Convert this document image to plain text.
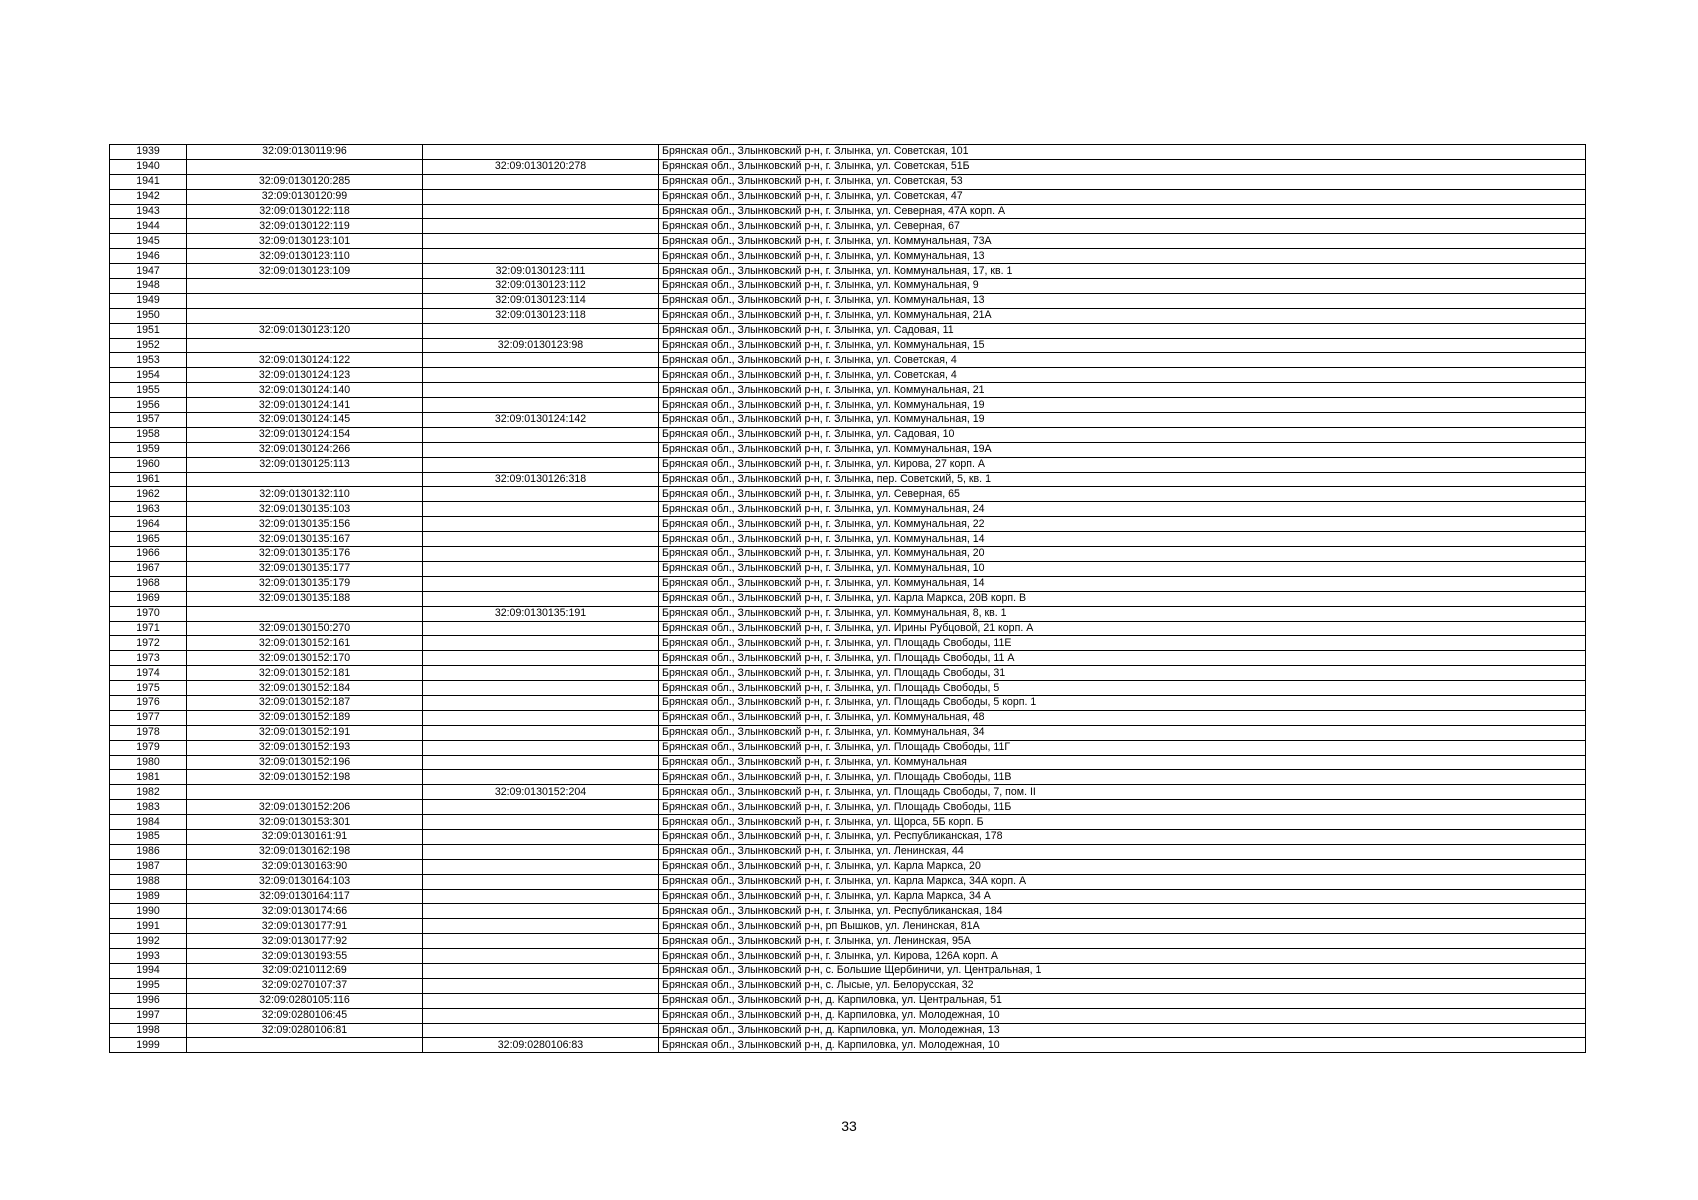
1939	32:09:0130119:96		Брянская обл., Злынковский р-н, г. Злынка, ул. Советская, 101
1940		32:09:0130120:278	Брянская обл., Злынковский р-н, г. Злынка, ул. Советская, 51Б
1941	32:09:0130120:285		Брянская обл., Злынковский р-н, г. Злынка, ул. Советская, 53
1942	32:09:0130120:99		Брянская обл., Злынковский р-н, г. Злынка, ул. Советская, 47
1943	32:09:0130122:118		Брянская обл., Злынковский р-н, г. Злынка, ул. Северная, 47А корп. А
1944	32:09:0130122:119		Брянская обл., Злынковский р-н, г. Злынка, ул. Северная, 67
1945	32:09:0130123:101		Брянская обл., Злынковский р-н, г. Злынка, ул. Коммунальная, 73А
1946	32:09:0130123:110		Брянская обл., Злынковский р-н, г. Злынка, ул. Коммунальная, 13
1947	32:09:0130123:109	32:09:0130123:111	Брянская обл., Злынковский р-н, г. Злынка, ул. Коммунальная, 17, кв. 1
1948		32:09:0130123:112	Брянская обл., Злынковский р-н, г. Злынка, ул. Коммунальная, 9
1949		32:09:0130123:114	Брянская обл., Злынковский р-н, г. Злынка, ул. Коммунальная, 13
1950		32:09:0130123:118	Брянская обл., Злынковский р-н, г. Злынка, ул. Коммунальная, 21А
1951	32:09:0130123:120		Брянская обл., Злынковский р-н, г. Злынка, ул. Садовая, 11
1952		32:09:0130123:98	Брянская обл., Злынковский р-н, г. Злынка, ул. Коммунальная, 15
1953	32:09:0130124:122		Брянская обл., Злынковский р-н, г. Злынка, ул. Советская, 4
1954	32:09:0130124:123		Брянская обл., Злынковский р-н, г. Злынка, ул. Советская, 4
1955	32:09:0130124:140		Брянская обл., Злынковский р-н, г. Злынка, ул. Коммунальная, 21
1956	32:09:0130124:141		Брянская обл., Злынковский р-н, г. Злынка, ул. Коммунальная, 19
1957	32:09:0130124:145	32:09:0130124:142	Брянская обл., Злынковский р-н, г. Злынка, ул. Коммунальная, 19
1958	32:09:0130124:154		Брянская обл., Злынковский р-н, г. Злынка, ул. Садовая, 10
1959	32:09:0130124:266		Брянская обл., Злынковский р-н, г. Злынка, ул. Коммунальная, 19А
1960	32:09:0130125:113		Брянская обл., Злынковский р-н, г. Злынка, ул. Кирова, 27 корп. А
1961		32:09:0130126:318	Брянская обл., Злынковский р-н, г. Злынка, пер. Советский, 5, кв. 1
1962	32:09:0130132:110		Брянская обл., Злынковский р-н, г. Злынка, ул. Северная, 65
1963	32:09:0130135:103		Брянская обл., Злынковский р-н, г. Злынка, ул. Коммунальная, 24
1964	32:09:0130135:156		Брянская обл., Злынковский р-н, г. Злынка, ул. Коммунальная, 22
1965	32:09:0130135:167		Брянская обл., Злынковский р-н, г. Злынка, ул. Коммунальная, 14
1966	32:09:0130135:176		Брянская обл., Злынковский р-н, г. Злынка, ул. Коммунальная, 20
1967	32:09:0130135:177		Брянская обл., Злынковский р-н, г. Злынка, ул. Коммунальная, 10
1968	32:09:0130135:179		Брянская обл., Злынковский р-н, г. Злынка, ул. Коммунальная, 14
1969	32:09:0130135:188		Брянская обл., Злынковский р-н, г. Злынка, ул. Карла Маркса, 20В корп. В
1970		32:09:0130135:191	Брянская обл., Злынковский р-н, г. Злынка, ул. Коммунальная, 8, кв. 1
1971	32:09:0130150:270		Брянская обл., Злынковский р-н, г. Злынка, ул. Ирины Рубцовой, 21 корп. А
1972	32:09:0130152:161		Брянская обл., Злынковский р-н, г. Злынка, ул. Площадь Свободы, 11Е
1973	32:09:0130152:170		Брянская обл., Злынковский р-н, г. Злынка, ул. Площадь Свободы, 11 А
1974	32:09:0130152:181		Брянская обл., Злынковский р-н, г. Злынка, ул. Площадь Свободы, 31
1975	32:09:0130152:184		Брянская обл., Злынковский р-н, г. Злынка, ул. Площадь Свободы, 5
1976	32:09:0130152:187		Брянская обл., Злынковский р-н, г. Злынка, ул. Площадь Свободы, 5 корп. 1
1977	32:09:0130152:189		Брянская обл., Злынковский р-н, г. Злынка, ул. Коммунальная, 48
1978	32:09:0130152:191		Брянская обл., Злынковский р-н, г. Злынка, ул. Коммунальная, 34
1979	32:09:0130152:193		Брянская обл., Злынковский р-н, г. Злынка, ул. Площадь Свободы, 11Г
1980	32:09:0130152:196		Брянская обл., Злынковский р-н, г. Злынка, ул. Коммунальная
1981	32:09:0130152:198		Брянская обл., Злынковский р-н, г. Злынка, ул. Площадь Свободы, 11В
1982		32:09:0130152:204	Брянская обл., Злынковский р-н, г. Злынка, ул. Площадь Свободы, 7, пом. II
1983	32:09:0130152:206		Брянская обл., Злынковский р-н, г. Злынка, ул. Площадь Свободы, 11Б
1984	32:09:0130153:301		Брянская обл., Злынковский р-н, г. Злынка, ул. Щорса, 5Б корп. Б
1985	32:09:0130161:91		Брянская обл., Злынковский р-н, г. Злынка, ул. Республиканская, 178
1986	32:09:0130162:198		Брянская обл., Злынковский р-н, г. Злынка, ул. Ленинская, 44
1987	32:09:0130163:90		Брянская обл., Злынковский р-н, г. Злынка, ул. Карла Маркса, 20
1988	32:09:0130164:103		Брянская обл., Злынковский р-н, г. Злынка, ул. Карла Маркса, 34А корп. А
1989	32:09:0130164:117		Брянская обл., Злынковский р-н, г. Злынка, ул. Карла Маркса, 34 А
1990	32:09:0130174:66		Брянская обл., Злынковский р-н, г. Злынка, ул. Республиканская, 184
1991	32:09:0130177:91		Брянская обл., Злынковский р-н, рп Вышков, ул. Ленинская, 81А
1992	32:09:0130177:92		Брянская обл., Злынковский р-н, г. Злынка, ул. Ленинская, 95А
1993	32:09:0130193:55		Брянская обл., Злынковский р-н, г. Злынка, ул. Кирова, 126А корп. А
1994	32:09:0210112:69		Брянская обл., Злынковский р-н, с. Большие Щербиничи, ул. Центральная, 1
1995	32:09:0270107:37		Брянская обл., Злынковский р-н, с. Лысые, ул. Белорусская, 32
1996	32:09:0280105:116		Брянская обл., Злынковский р-н, д. Карпиловка, ул. Центральная, 51
1997	32:09:0280106:45		Брянская обл., Злынковский р-н, д. Карпиловка, ул. Молодежная, 10
1998	32:09:0280106:81		Брянская обл., Злынковский р-н, д. Карпиловка, ул. Молодежная, 13
1999		32:09:0280106:83	Брянская обл., Злынковский р-н, д. Карпиловка, ул. Молодежная, 10
33
